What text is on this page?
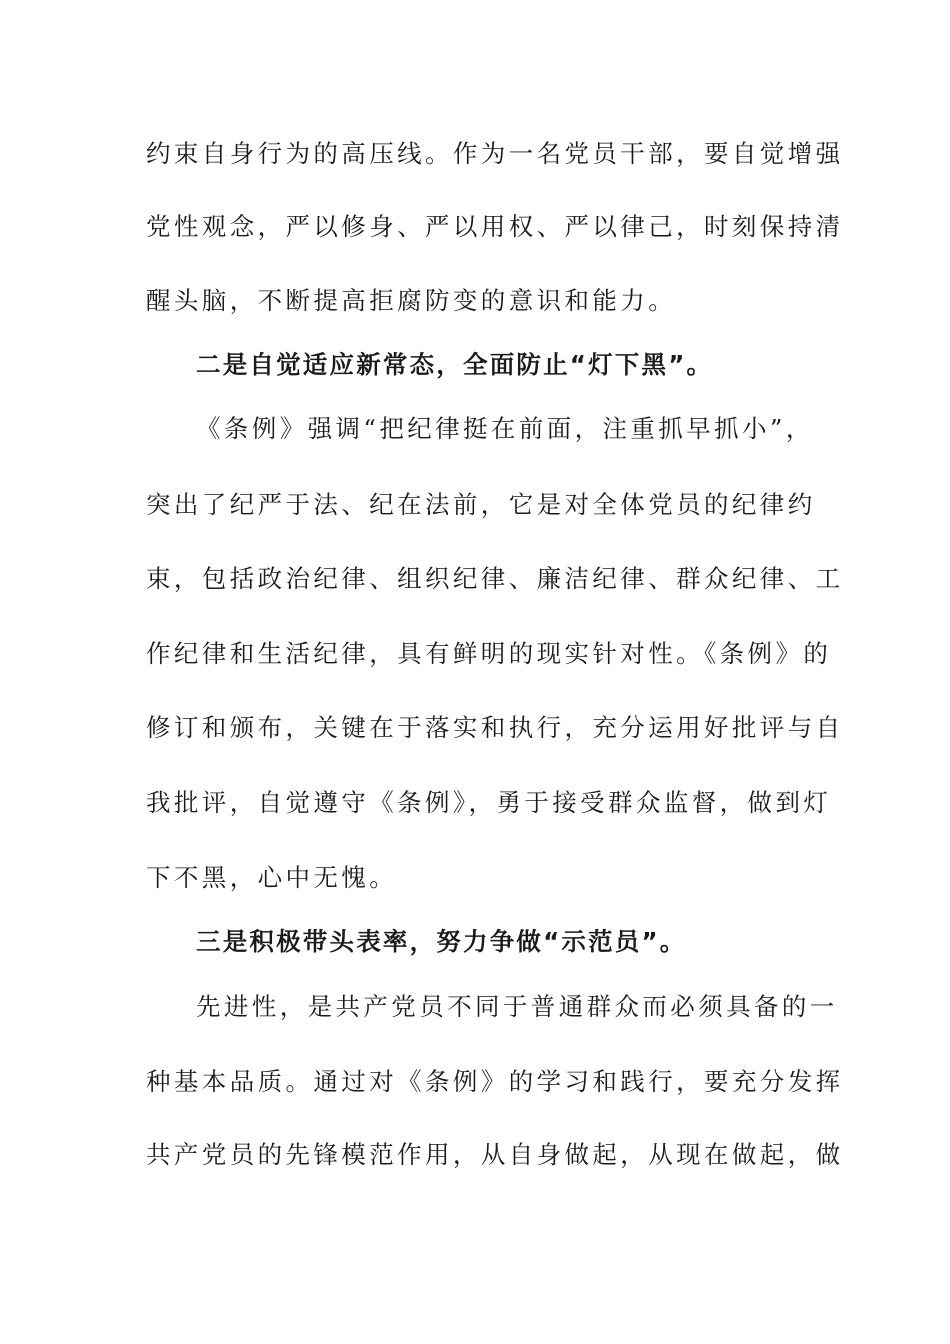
约束自身行为的高压线。作为一名党员干部，要自觉增强
党性观念，严以修身、严以用权、严以律己，时刻保持清
醒头脑，不断提高拒腐防变的意识和能力。
二是自觉适应新常态，全面防止“灯下黑”。
《条例》强调“把纪律挺在前面，注重抓早抓小”，
突出了纪严于法、纪在法前，它是对全体党员的纪律约
束，包括政治纪律、组织纪律、廉洁纪律、群众纪律、工
作纪律和生活纪律，具有鲜明的现实针对性。《条例》的
修订和颁布，关键在于落实和执行，充分运用好批评与自
我批评，自觉遵守《条例》，勇于接受群众监督，做到灯
下不黑，心中无愧。
三是积极带头表率，努力争做“示范员”。
先进性，是共产党员不同于普通群众而必须具备的一
种基本品质。通过对《条例》的学习和践行，要充分发挥
共产党员的先锋模范作用，从自身做起，从现在做起，做
